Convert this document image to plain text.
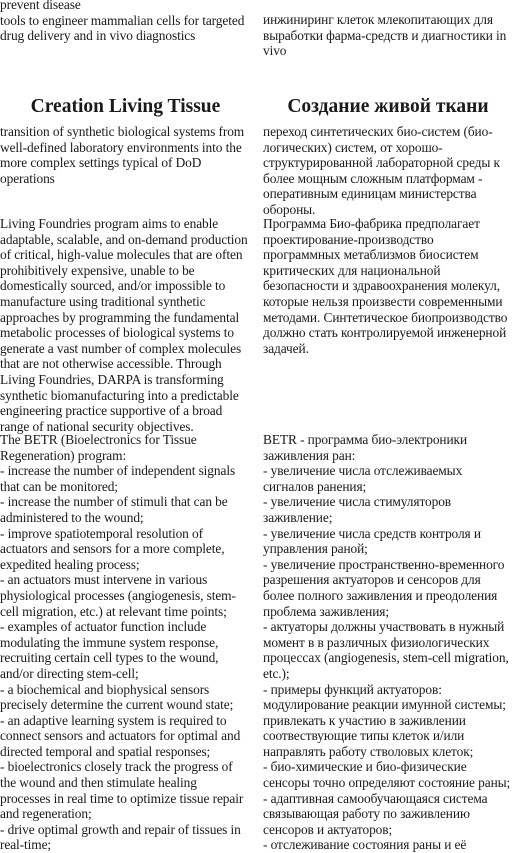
prevent disease
tools to engineer mammalian cells for targeted
drug delivery and in vivo diagnostics

инжиниринг клеток млекопитающих для
выработки фарма-средств и диагностики in
vivo

Creation Living Tissue	Создание живой ткани

transition of synthetic biological systems from
well-defined laboratory environments into the
more complex settings typical of DoD
operations

переход синтетических био-систем (био-
логических) систем, от хорошо-
структурированной лабораторной среды к
более мощным сложным платформам -
оперативным единицам министерства
обороны.

Living Foundries program aims to enable
adaptable, scalable, and on-demand production
of critical, high-value molecules that are often
prohibitively expensive, unable to be
domestically sourced, and/or impossible to
manufacture using traditional synthetic
approaches by programming the fundamental
metabolic processes of biological systems to
generate a vast number of complex molecules
that are not otherwise accessible. Through
Living Foundries, DARPA is transforming
synthetic biomanufacturing into a predictable
engineering practice supportive of a broad
range of national security objectives.

Программа Био-фабрика предполагает
проектирование-производство
программных метаблизмов биосистем
критических для национальной
безопасности и здравоохранения молекул,
которые нельзя произвести современными
методами. Синтетическое биопроизводство
должно стать контролируемой инженерной
задачей.

The BETR (Bioelectronics for Tissue
Regeneration) program:
- increase the number of independent signals
that can be monitored;
- increase the number of stimuli that can be
administered to the wound;
- improve spatiotemporal resolution of
actuators and sensors for a more complete,
expedited healing process;
- an actuators must intervene in various
physiological processes (angiogenesis, stem-
cell migration, etc.) at relevant time points;
- examples of actuator function include
modulating the immune system response,
recruiting certain cell types to the wound,
and/or directing stem-cell;
- a biochemical and biophysical sensors
precisely determine the current wound state;
- an adaptive learning system is required to
connect sensors and actuators for optimal and
directed temporal and spatial responses;
- bioelectronics closely track the progress of
the wound and then stimulate healing
processes in real time to optimize tissue repair
and regeneration;
- drive optimal growth and repair of tissues in
real-time;

BETR - программа био-электроники
заживления ран:
- увеличение числа отслеживаемых
сигналов ранения;
- увеличение числа стимуляторов
заживление;
- увеличение числа средств контроля и
управления раной;
- увеличение пространственно-временного
разрешения актуаторов и сенсоров для
более полного заживления и преодоления
проблема заживления;
- актуаторы должны участвовать в нужный
момент в в различных физиологических
процессах (angiogenesis, stem-cell migration,
etc.);
- примеры функций актуаторов:
модулирование реакции имунной системы;
привлекать к участию в заживлении
соотвествующие типы клеток и/или
направлять работу стволовых клеток;
- био-химические и био-физические
сенсоры точно определяют состояние раны;
- адаптивная самообучающаяся система
связывающая работу по заживлению
сенсоров и актуаторов;
- отслеживание состояния раны и её
